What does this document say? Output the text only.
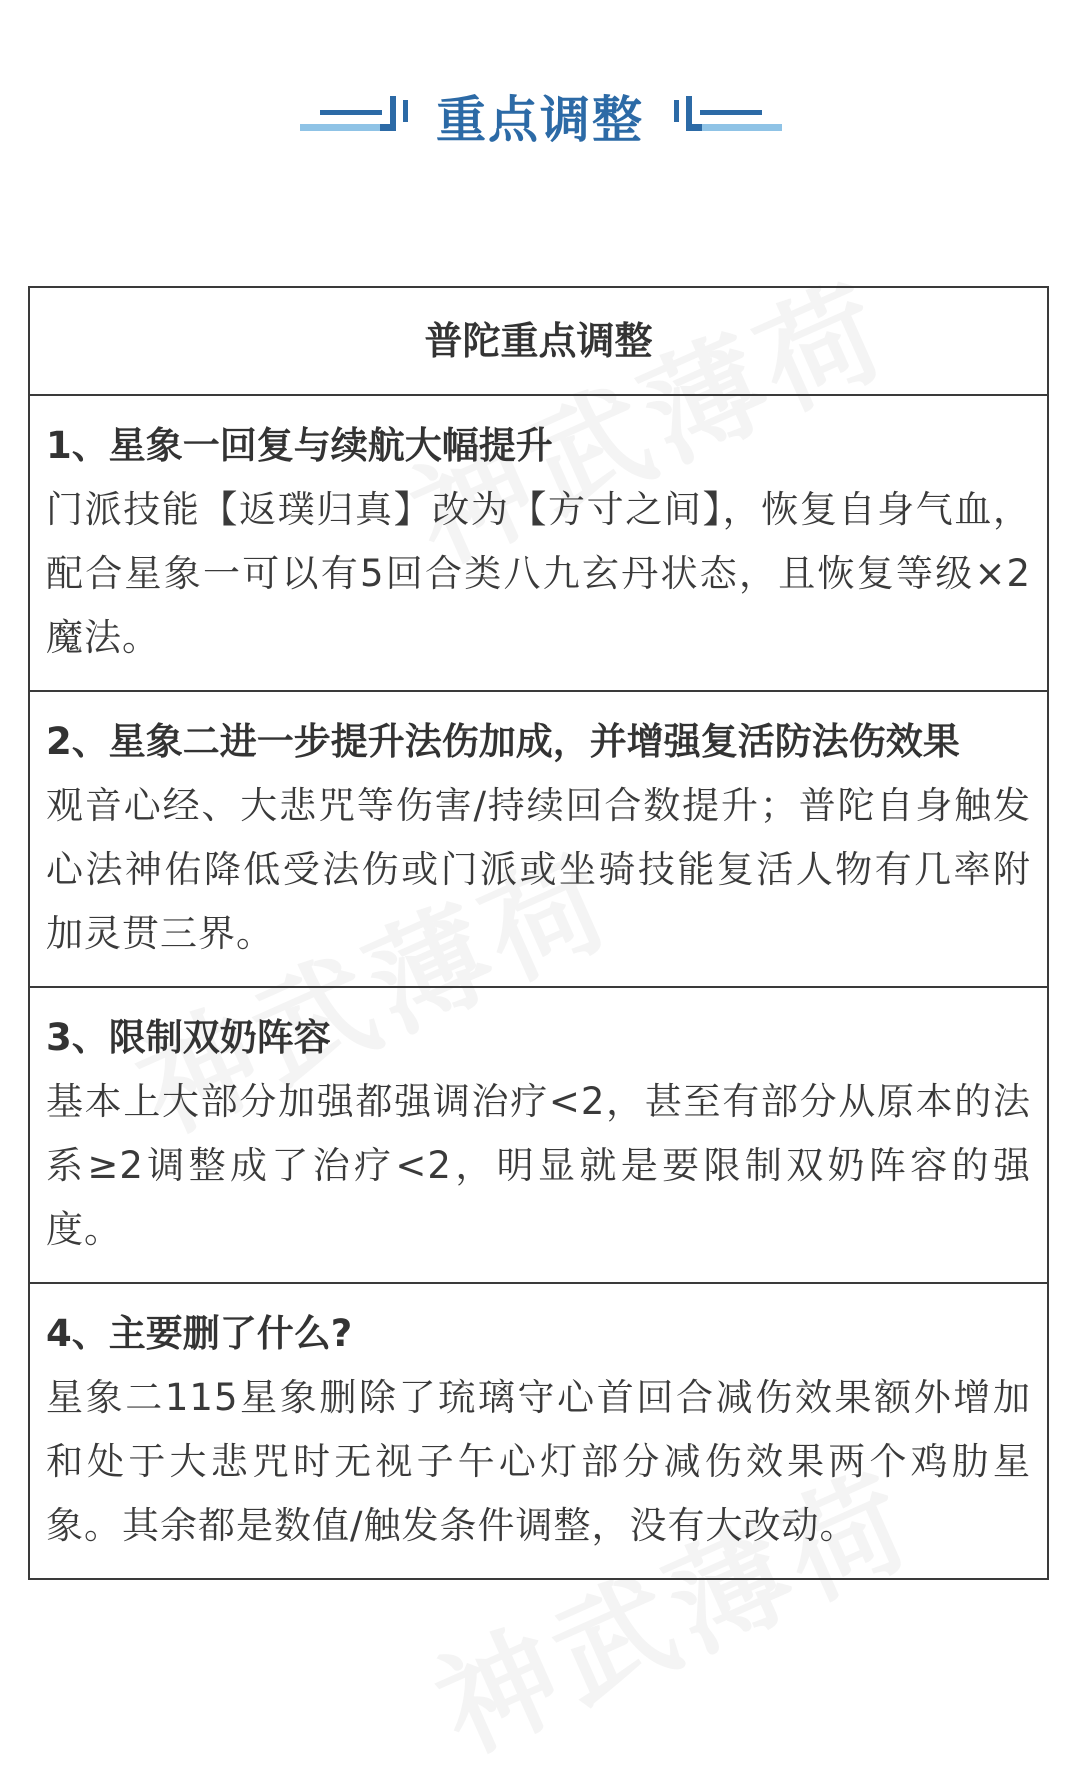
重点调整
普陀重点调整
1、星象一回复与续航大幅提升
门派技能【返璞归真】改为【方寸之间】，恢复自身气血，配合星象一可以有5回合类八九玄丹状态，且恢复等级×2魔法。
2、星象二进一步提升法伤加成，并增强复活防法伤效果
观音心经、大悲咒等伤害/持续回合数提升；普陀自身触发心法神佑降低受法伤或门派或坐骑技能复活人物有几率附加灵贯三界。
3、限制双奶阵容
基本上大部分加强都强调治疗<2，甚至有部分从原本的法系≥2调整成了治疗<2，明显就是要限制双奶阵容的强度。
4、主要删了什么?
星象二115星象删除了琉璃守心首回合减伤效果额外增加和处于大悲咒时无视子午心灯部分减伤效果两个鸡肋星象。其余都是数值/触发条件调整，没有大改动。
